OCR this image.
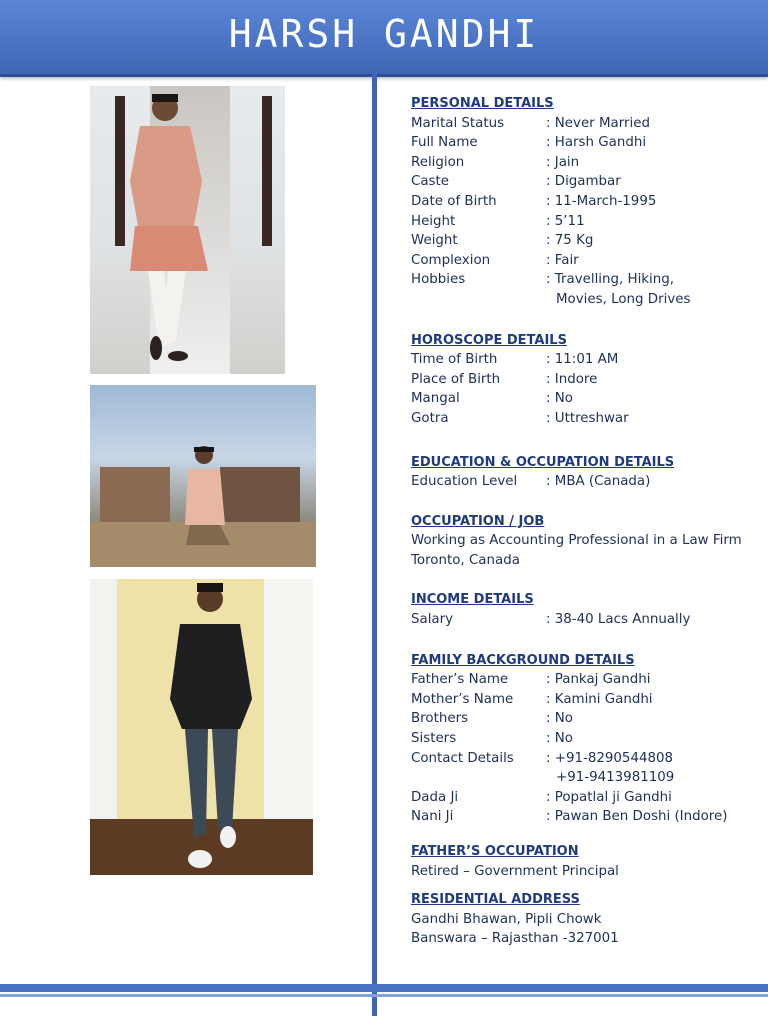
HARSH GANDHI
PERSONAL DETAILS
Marital Status	: Never Married
Full Name	: Harsh Gandhi
Religion	: Jain
Caste	: Digambar
Date of Birth	: 11-March-1995
Height	: 5’11
Weight	: 75 Kg
Complexion	: Fair
Hobbies	: Travelling, Hiking,
Movies, Long Drives
HOROSCOPE DETAILS
Time of Birth	: 11:01 AM
Place of Birth	: Indore
Mangal	: No
Gotra	: Uttreshwar
EDUCATION & OCCUPATION DETAILS
Education Level : MBA (Canada)
OCCUPATION / JOB
Working as Accounting Professional in a Law Firm
Toronto, Canada
INCOME DETAILS
Salary	: 38-40 Lacs Annually
FAMILY BACKGROUND DETAILS
Father’s Name	: Pankaj Gandhi
Mother’s Name : Kamini Gandhi
Brothers	: No
Sisters	: No
Contact Details : +91-8290544808
+91-9413981109
Dada Ji	: Popatlal ji Gandhi
Nani Ji	: Pawan Ben Doshi (Indore)
FATHER’S OCCUPATION
Retired – Government Principal
RESIDENTIAL ADDRESS
Gandhi Bhawan, Pipli Chowk
Banswara – Rajasthan -327001
